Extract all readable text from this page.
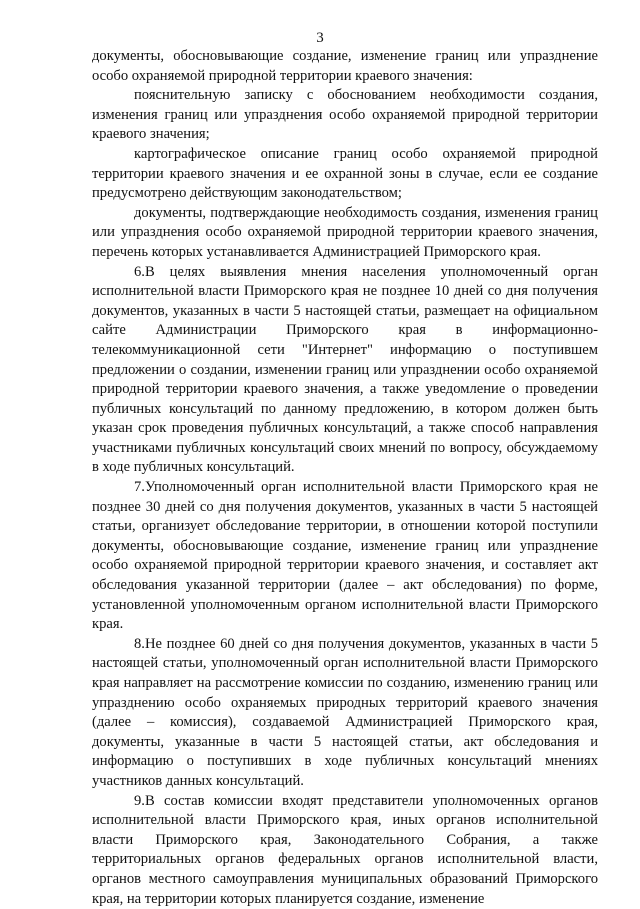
3

документы, обосновывающие создание, изменение границ или упразднение особо охраняемой природной территории краевого значения:

пояснительную записку с обоснованием необходимости создания, изменения границ или упразднения особо охраняемой природной территории краевого значения;

картографическое описание границ особо охраняемой природной территории краевого значения и ее охранной зоны в случае, если ее создание предусмотрено действующим законодательством;

документы, подтверждающие необходимость создания, изменения границ или упразднения особо охраняемой природной территории краевого значения, перечень которых устанавливается Администрацией Приморского края.

6.В целях выявления мнения населения уполномоченный орган исполнительной власти Приморского края не позднее 10 дней со дня получения документов, указанных в части 5 настоящей статьи, размещает на официальном сайте Администрации Приморского края в информационно-телекоммуникационной сети "Интернет" информацию о поступившем предложении о создании, изменении границ или упразднении особо охраняемой природной территории краевого значения, а также уведомление о проведении публичных консультаций по данному предложению, в котором должен быть указан срок проведения публичных консультаций, а также способ направления участниками публичных консультаций своих мнений по вопросу, обсуждаемому в ходе публичных консультаций.

7.Уполномоченный орган исполнительной власти Приморского края не позднее 30 дней со дня получения документов, указанных в части 5 настоящей статьи, организует обследование территории, в отношении которой поступили документы, обосновывающие создание, изменение границ или упразднение особо охраняемой природной территории краевого значения, и составляет акт обследования указанной территории (далее – акт обследования) по форме, установленной уполномоченным органом исполнительной власти Приморского края.

8.Не позднее 60 дней со дня получения документов, указанных в части 5 настоящей статьи, уполномоченный орган исполнительной власти Приморского края направляет на рассмотрение комиссии по созданию, изменению границ или упразднению особо охраняемых природных территорий краевого значения (далее – комиссия), создаваемой Администрацией Приморского края, документы, указанные в части 5 настоящей статьи, акт обследования и информацию о поступивших в ходе публичных консультаций мнениях участников данных консультаций.

9.В состав комиссии входят представители уполномоченных органов исполнительной власти Приморского края, иных органов исполнительной власти Приморского края, Законодательного Собрания, а также территориальных органов федеральных органов исполнительной власти, органов местного самоуправления муниципальных образований Приморского края, на территории которых планируется создание, изменение
